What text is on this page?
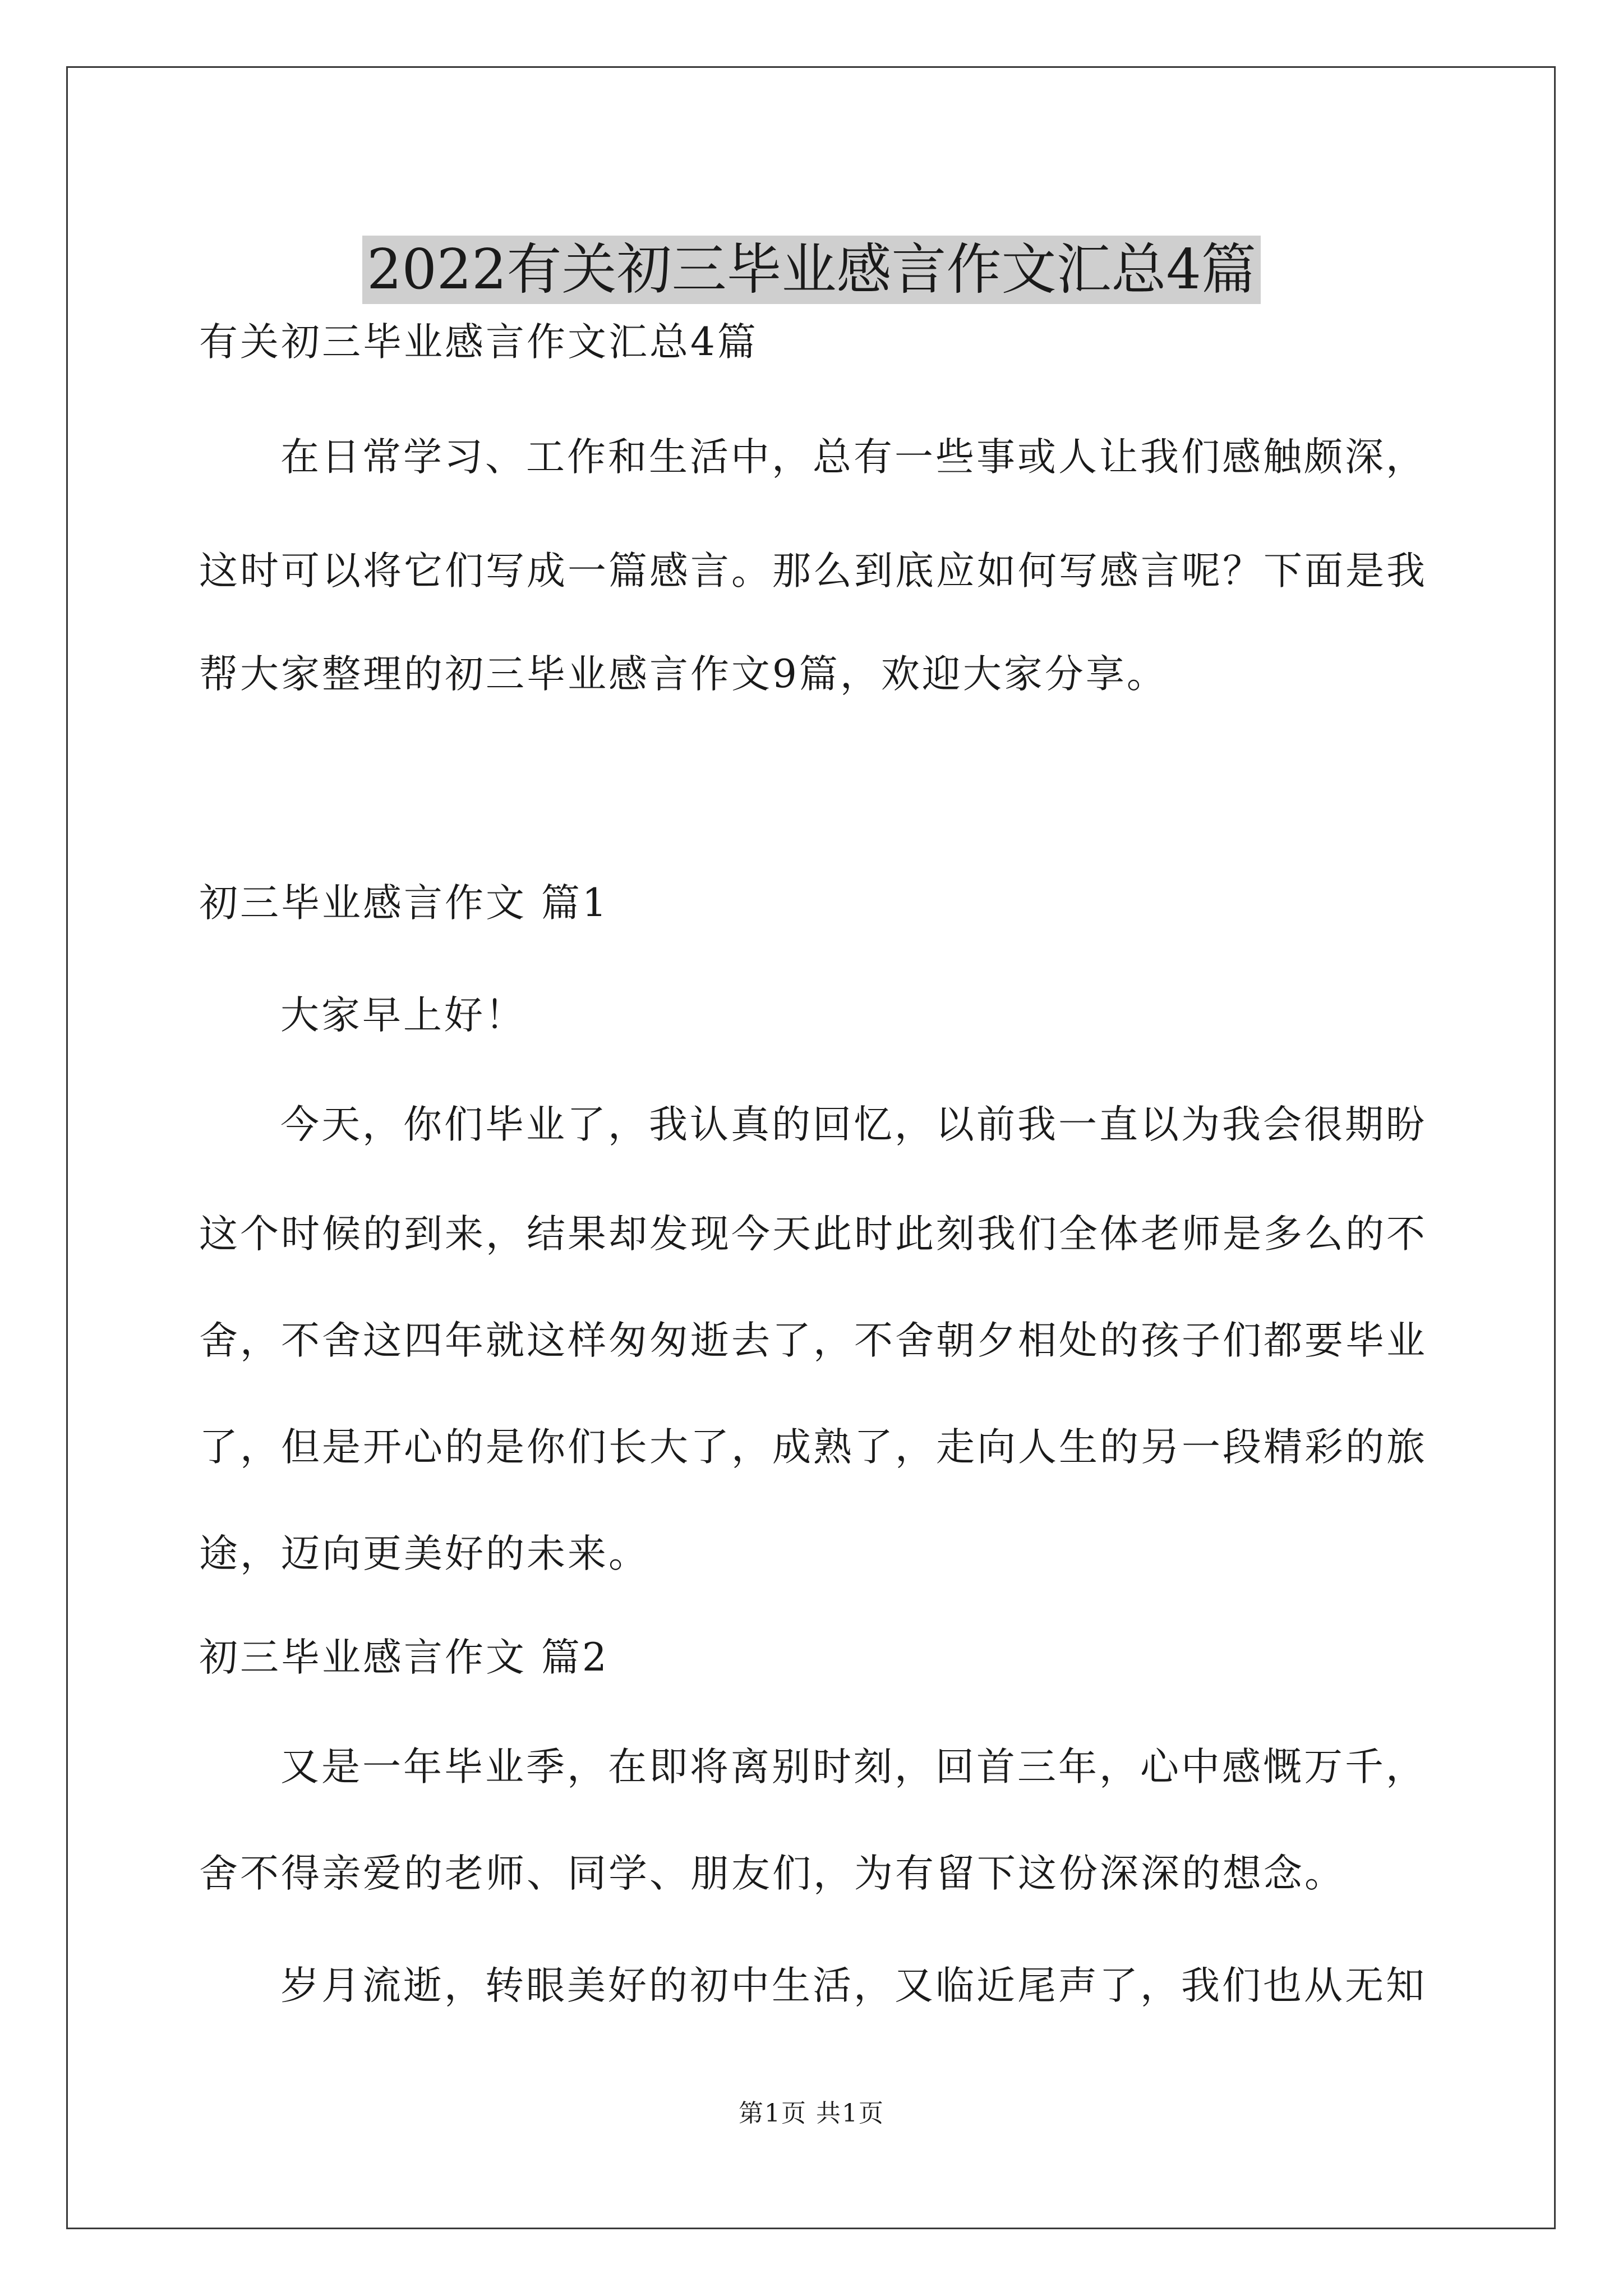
2022有关初三毕业感言作文汇总4篇
有关初三毕业感言作文汇总4篇
在日常学习、工作和生活中，总有一些事或人让我们感触颇深，
这时可以将它们写成一篇感言。那么到底应如何写感言呢？下面是我
帮大家整理的初三毕业感言作文9篇，欢迎大家分享。
初三毕业感言作文 篇1
大家早上好！
今天，你们毕业了，我认真的回忆，以前我一直以为我会很期盼
这个时候的到来，结果却发现今天此时此刻我们全体老师是多么的不
舍，不舍这四年就这样匆匆逝去了，不舍朝夕相处的孩子们都要毕业
了，但是开心的是你们长大了，成熟了，走向人生的另一段精彩的旅
途，迈向更美好的未来。
初三毕业感言作文 篇2
又是一年毕业季，在即将离别时刻，回首三年，心中感慨万千，
舍不得亲爱的老师、同学、朋友们，为有留下这份深深的想念。
岁月流逝，转眼美好的初中生活，又临近尾声了，我们也从无知
第1页 共1页
